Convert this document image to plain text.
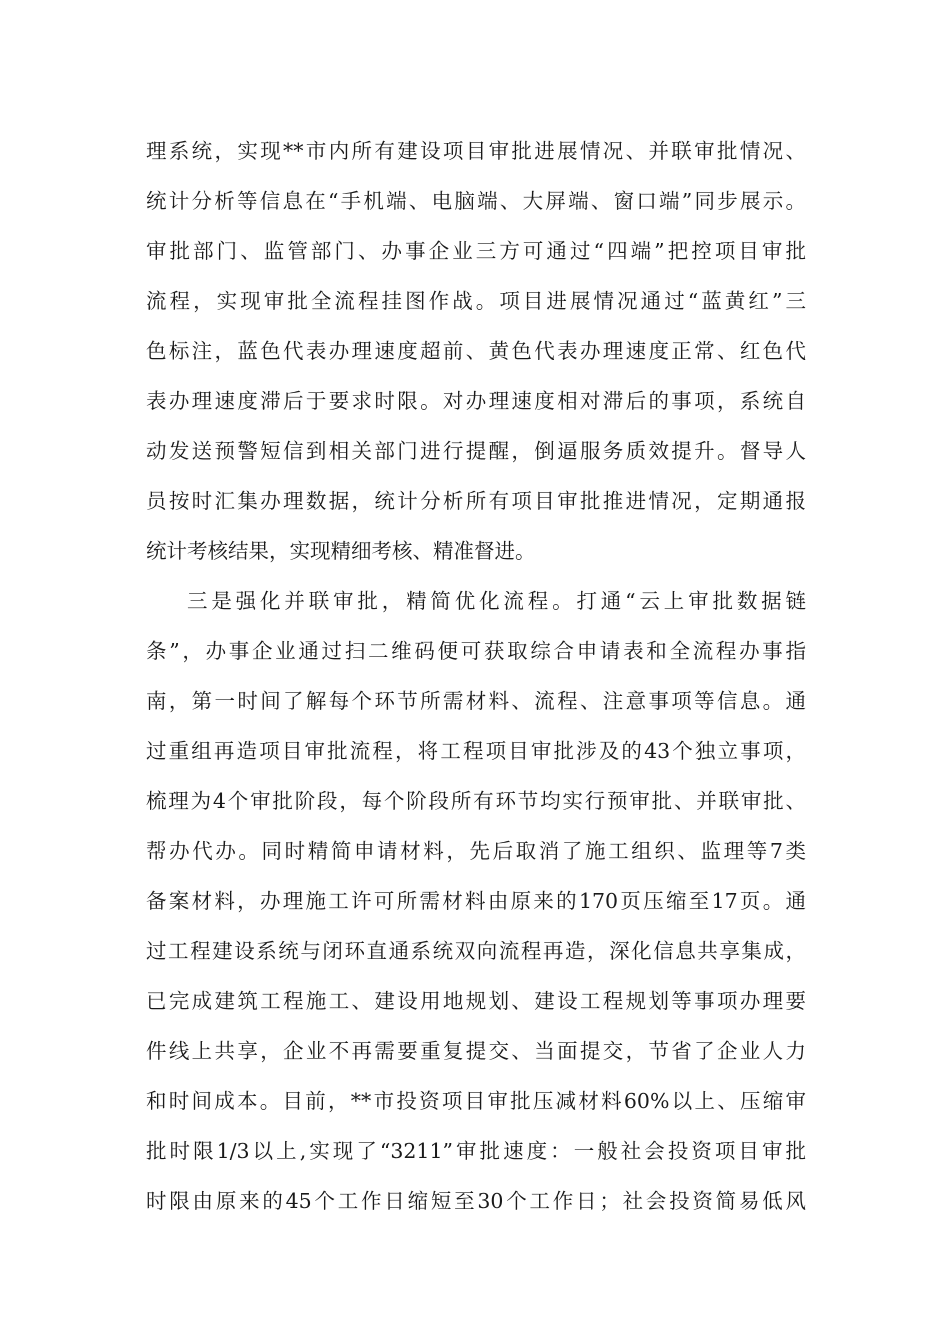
理系统，实现**市内所有建设项目审批进展情况、并联审批情况、
统计分析等信息在“手机端、电脑端、大屏端、窗口端”同步展示。
审批部门、监管部门、办事企业三方可通过“四端”把控项目审批
流程，实现审批全流程挂图作战。项目进展情况通过“蓝黄红”三
色标注，蓝色代表办理速度超前、黄色代表办理速度正常、红色代
表办理速度滞后于要求时限。对办理速度相对滞后的事项，系统自
动发送预警短信到相关部门进行提醒，倒逼服务质效提升。督导人
员按时汇集办理数据，统计分析所有项目审批推进情况，定期通报
统计考核结果，实现精细考核、精准督进。
三是强化并联审批，精简优化流程。打通“云上审批数据链
条”，办事企业通过扫二维码便可获取综合申请表和全流程办事指
南，第一时间了解每个环节所需材料、流程、注意事项等信息。通
过重组再造项目审批流程，将工程项目审批涉及的43个独立事项，
梳理为4个审批阶段，每个阶段所有环节均实行预审批、并联审批、
帮办代办。同时精简申请材料，先后取消了施工组织、监理等7类
备案材料，办理施工许可所需材料由原来的170页压缩至17页。通
过工程建设系统与闭环直通系统双向流程再造，深化信息共享集成，
已完成建筑工程施工、建设用地规划、建设工程规划等事项办理要
件线上共享，企业不再需要重复提交、当面提交，节省了企业人力
和时间成本。目前，**市投资项目审批压减材料60%以上、压缩审
批时限1/3以上,实现了“3211”审批速度：一般社会投资项目审批
时限由原来的45个工作日缩短至30个工作日；社会投资简易低风
